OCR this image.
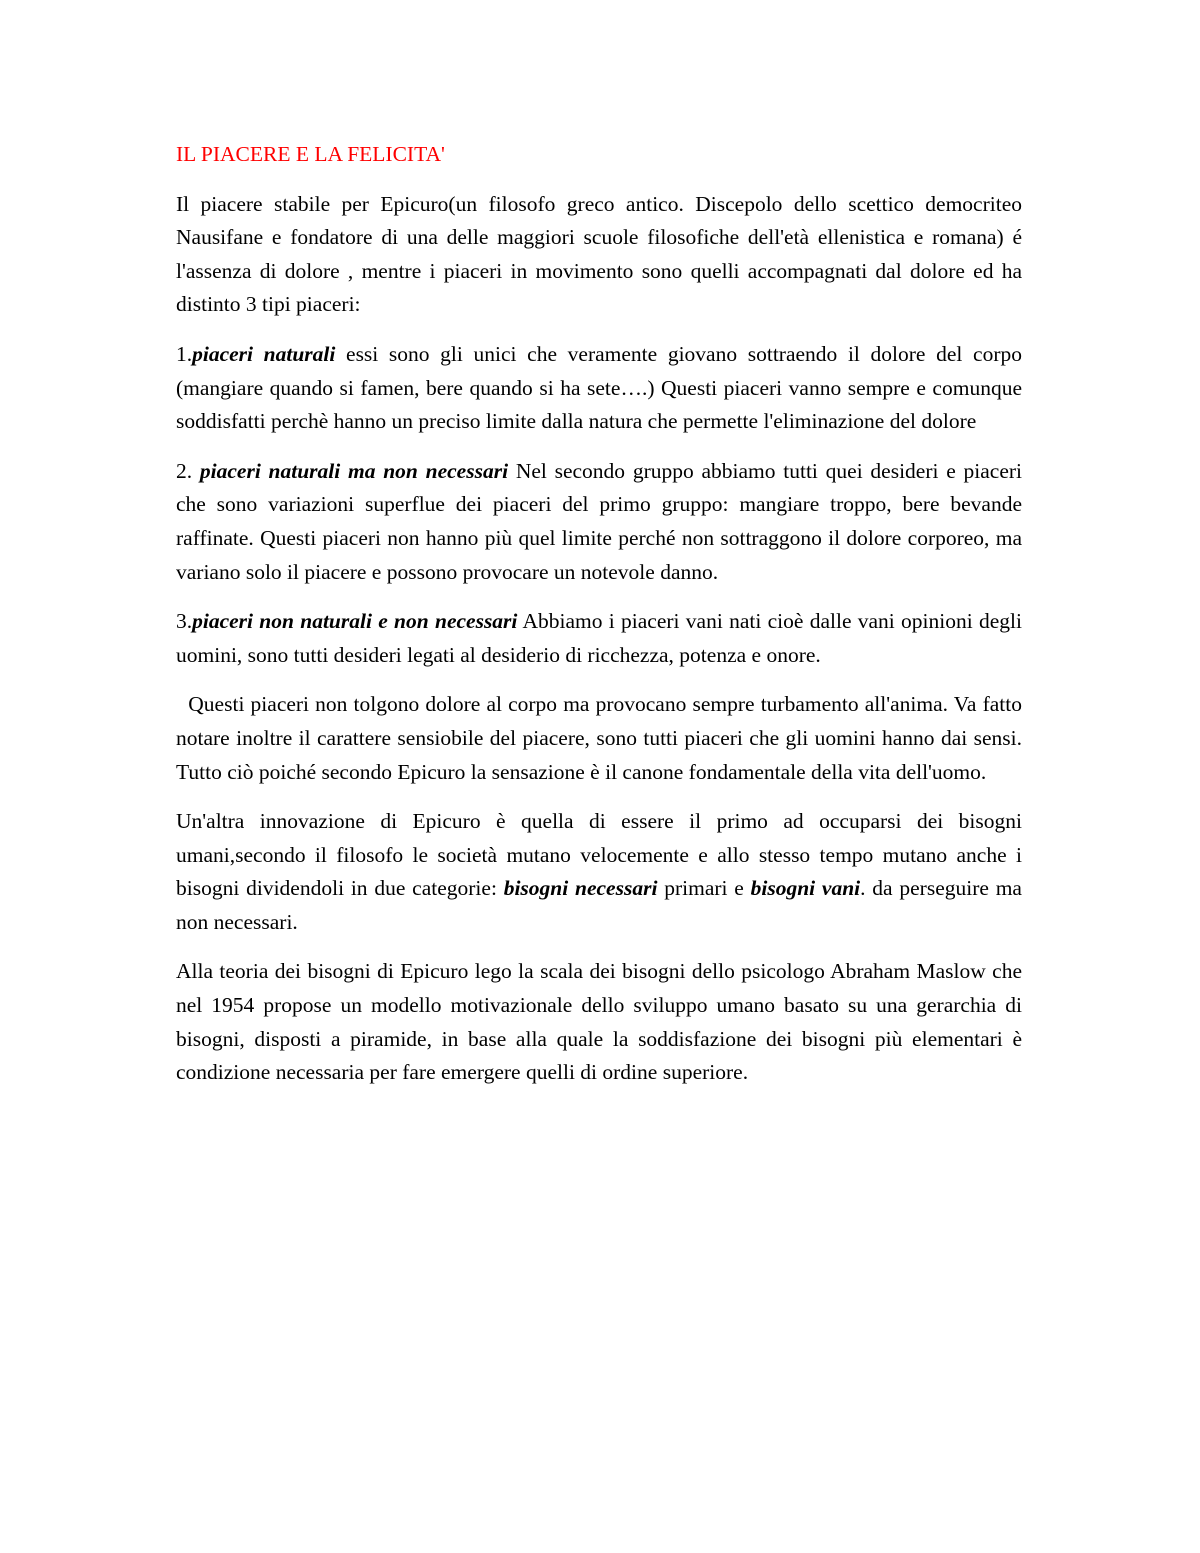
IL PIACERE E LA FELICITA'

Il piacere stabile per Epicuro(un filosofo greco antico. Discepolo dello scettico democriteo Nausifane e fondatore di una delle maggiori scuole filosofiche dell'età ellenistica e romana) é l'assenza di dolore , mentre i piaceri in movimento sono quelli accompagnati dal dolore ed ha distinto 3 tipi piaceri:

1.piaceri naturali essi sono gli unici che veramente giovano sottraendo il dolore del corpo (mangiare quando si famen, bere quando si ha sete….) Questi piaceri vanno sempre e comunque soddisfatti perchè hanno un preciso limite dalla natura che permette l'eliminazione del dolore

2. piaceri naturali ma non necessari Nel secondo gruppo abbiamo tutti quei desideri e piaceri che sono variazioni superflue dei piaceri del primo gruppo: mangiare troppo, bere bevande raffinate. Questi piaceri non hanno più quel limite perché non sottraggono il dolore corporeo, ma variano solo il piacere e possono provocare un notevole danno.

3.piaceri non naturali e non necessari Abbiamo i piaceri vani nati cioè dalle vani opinioni degli uomini, sono tutti desideri legati al desiderio di ricchezza, potenza e onore.

Questi piaceri non tolgono dolore al corpo ma provocano sempre turbamento all'anima. Va fatto notare inoltre il carattere sensiobile del piacere, sono tutti piaceri che gli uomini hanno dai sensi. Tutto ciò poiché secondo Epicuro la sensazione è il canone fondamentale della vita dell'uomo.

Un'altra innovazione di Epicuro è quella di essere il primo ad occuparsi dei bisogni umani,secondo il filosofo le società mutano velocemente e allo stesso tempo mutano anche i bisogni dividendoli in due categorie: bisogni necessari primari e bisogni vani. da perseguire ma non necessari.

Alla teoria dei bisogni di Epicuro lego la scala dei bisogni dello psicologo Abraham Maslow che nel 1954 propose un modello motivazionale dello sviluppo umano basato su una gerarchia di bisogni, disposti a piramide, in base alla quale la soddisfazione dei bisogni più elementari è condizione necessaria per fare emergere quelli di ordine superiore.
